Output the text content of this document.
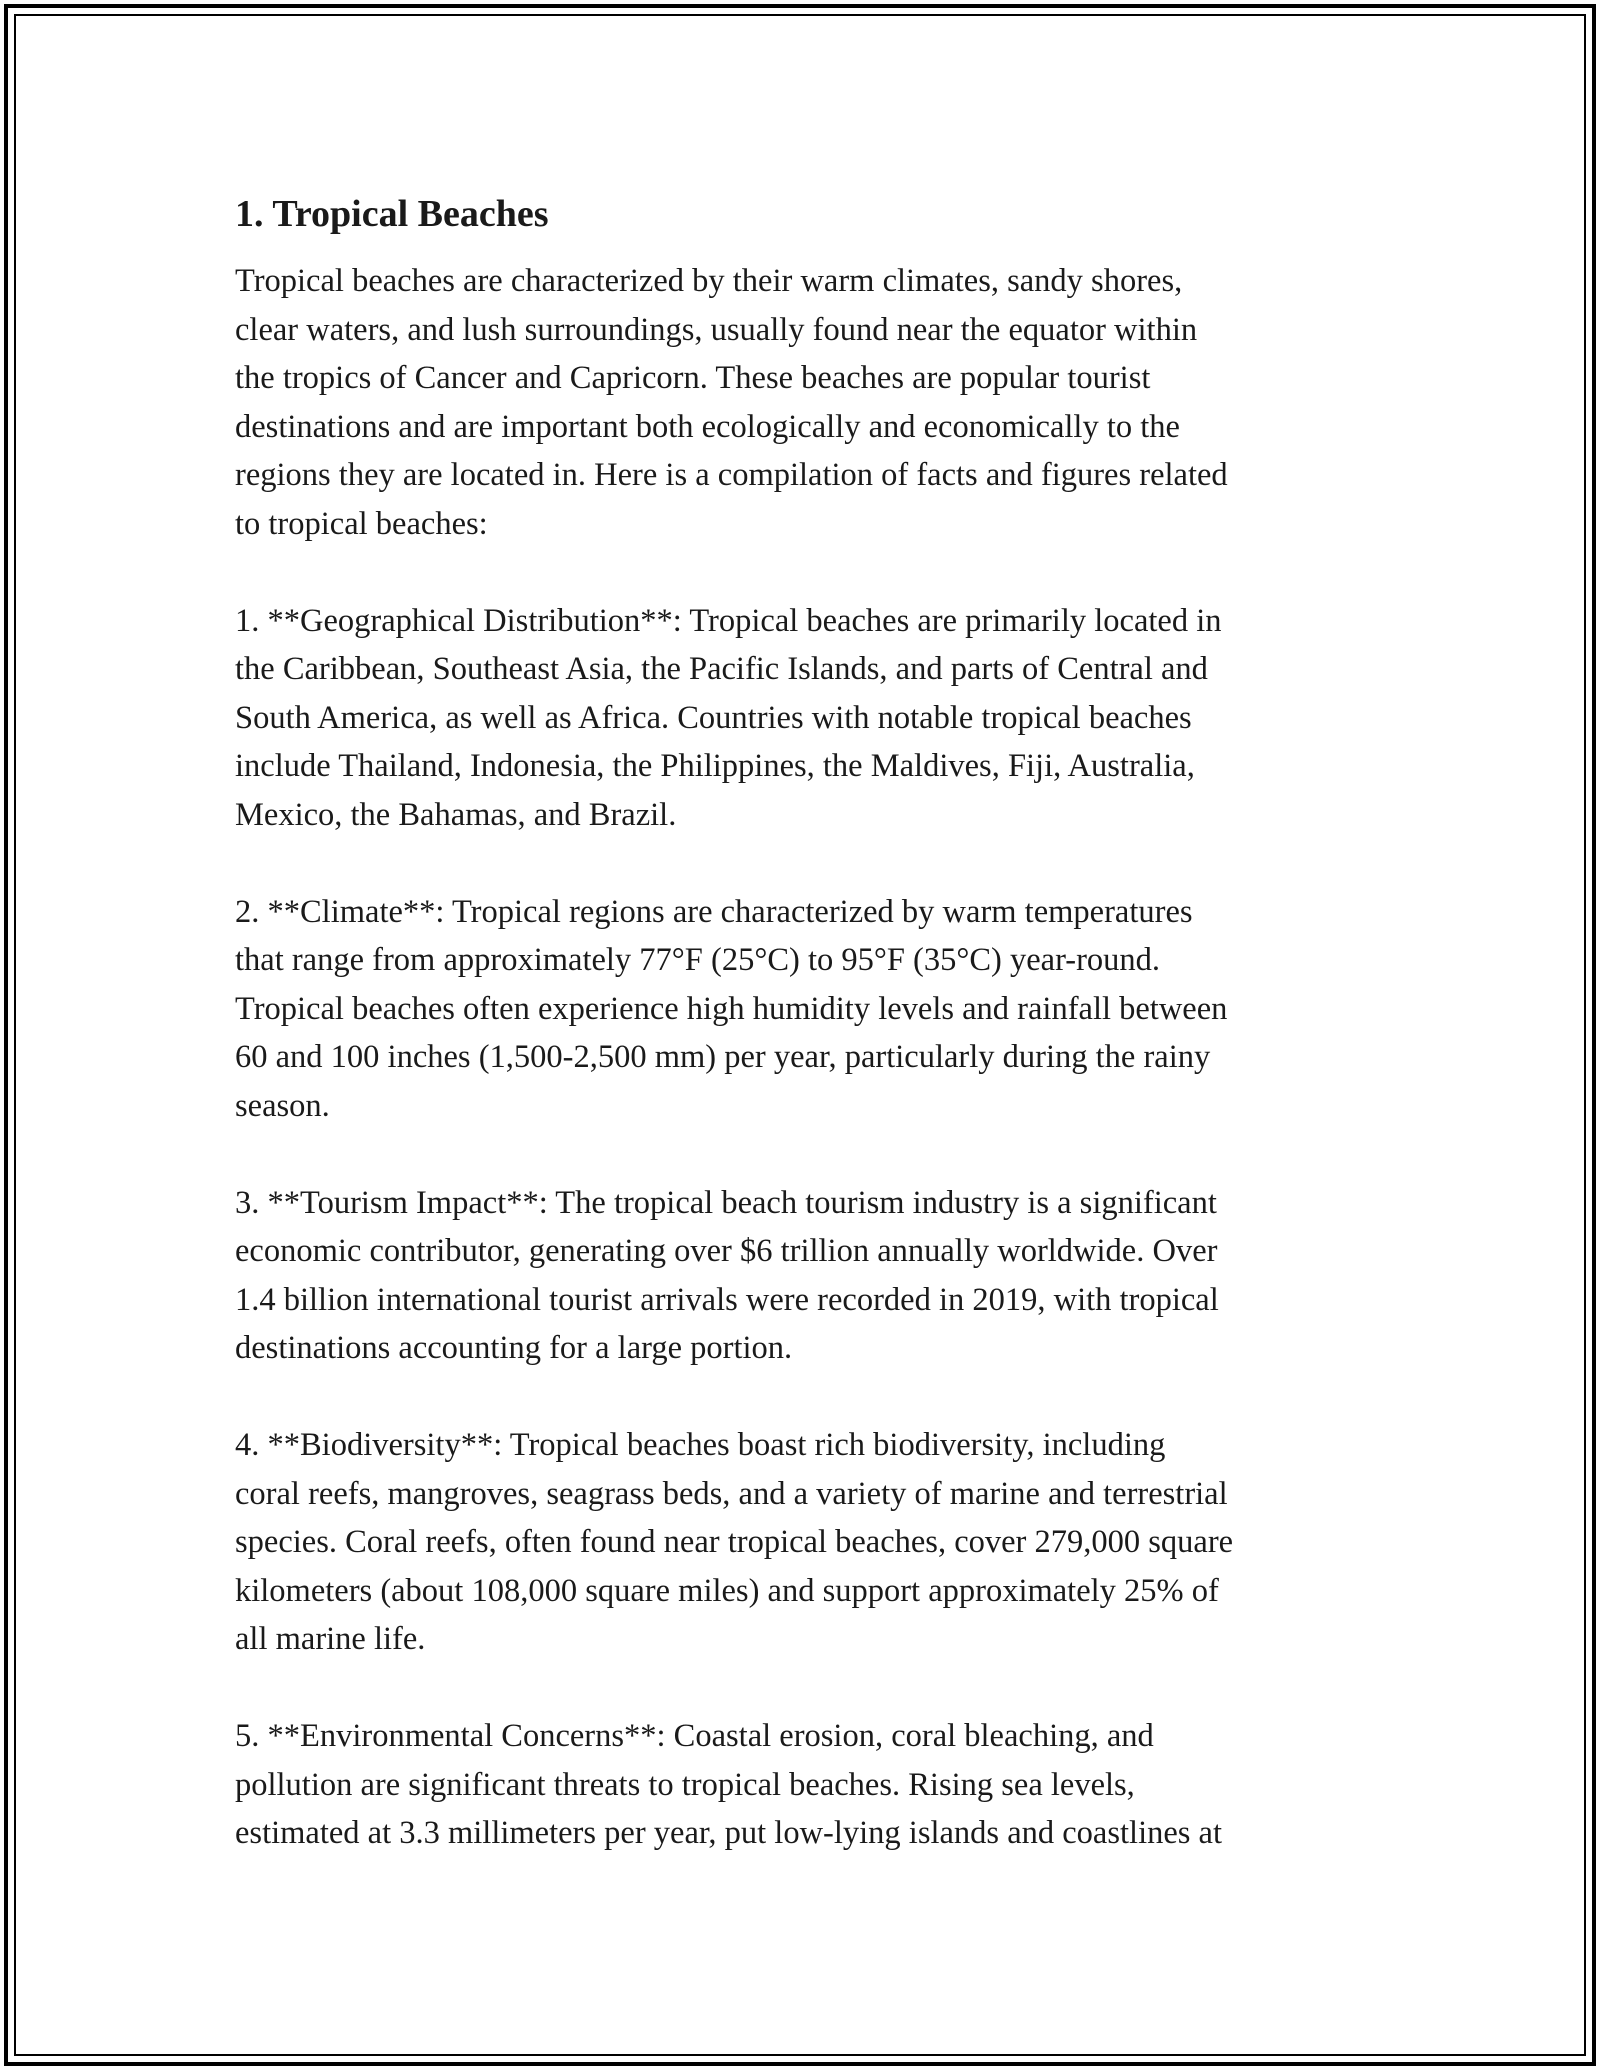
1. Tropical Beaches

Tropical beaches are characterized by their warm climates, sandy shores,
clear waters, and lush surroundings, usually found near the equator within
the tropics of Cancer and Capricorn. These beaches are popular tourist
destinations and are important both ecologically and economically to the
regions they are located in. Here is a compilation of facts and figures related
to tropical beaches:

1. **Geographical Distribution**: Tropical beaches are primarily located in
the Caribbean, Southeast Asia, the Pacific Islands, and parts of Central and
South America, as well as Africa. Countries with notable tropical beaches
include Thailand, Indonesia, the Philippines, the Maldives, Fiji, Australia,
Mexico, the Bahamas, and Brazil.

2. **Climate**: Tropical regions are characterized by warm temperatures
that range from approximately 77°F (25°C) to 95°F (35°C) year-round.
Tropical beaches often experience high humidity levels and rainfall between
60 and 100 inches (1,500-2,500 mm) per year, particularly during the rainy
season.

3. **Tourism Impact**: The tropical beach tourism industry is a significant
economic contributor, generating over $6 trillion annually worldwide. Over
1.4 billion international tourist arrivals were recorded in 2019, with tropical
destinations accounting for a large portion.

4. **Biodiversity**: Tropical beaches boast rich biodiversity, including
coral reefs, mangroves, seagrass beds, and a variety of marine and terrestrial
species. Coral reefs, often found near tropical beaches, cover 279,000 square
kilometers (about 108,000 square miles) and support approximately 25% of
all marine life.

5. **Environmental Concerns**: Coastal erosion, coral bleaching, and
pollution are significant threats to tropical beaches. Rising sea levels,
estimated at 3.3 millimeters per year, put low-lying islands and coastlines at
